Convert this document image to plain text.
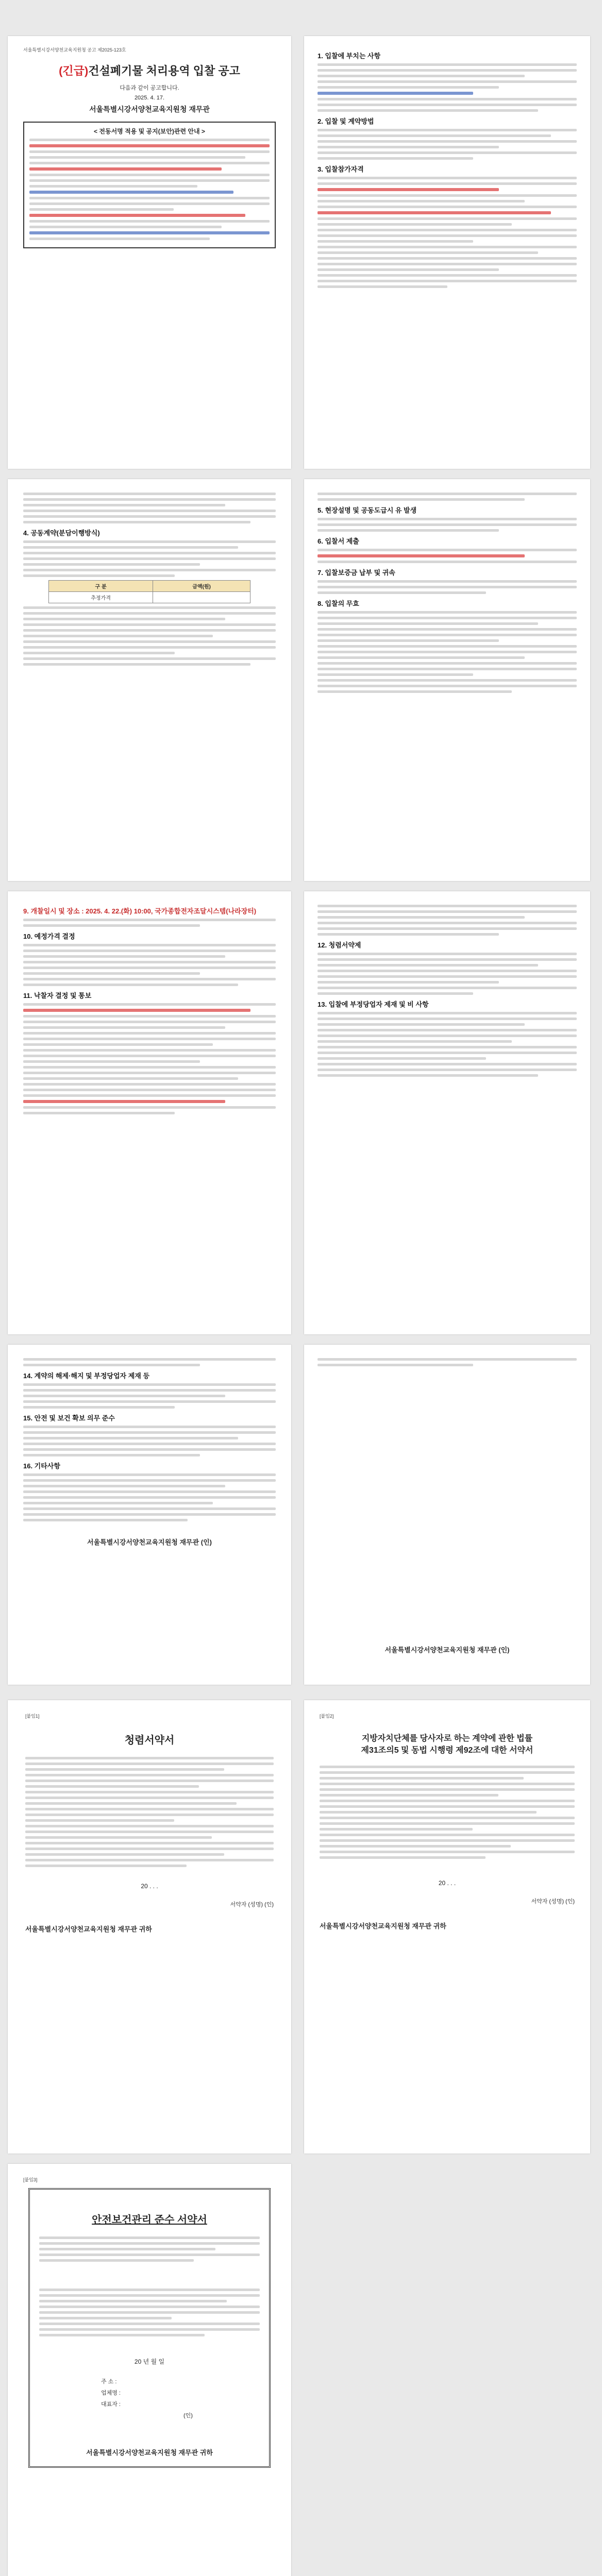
서울특별시강서양천교육지원청 공고 제2025-123호
(긴급)건설폐기물 처리용역 입찰 공고
다음과 같이 공고합니다.
2025. 4. 17.
서울특별시강서양천교육지원청 재무관
< 전동서명 적용 및 공지(보안)관련 안내 >
1. 입찰에 부치는 사항
2. 입찰 및 계약방법
3. 입찰참가자격
4. 공동계약(분담이행방식)
구 분	금액(원)
추정가격	
5. 현장설명 및 공동도급시 유 발생
6. 입찰서 제출
7. 입찰보증금 납부 및 귀속
8. 입찰의 무효
9. 개찰일시 및 장소 : 2025. 4. 22.(화) 10:00, 국가종합전자조달시스템(나라장터)
10. 예정가격 결정
11. 낙찰자 결정 및 통보
12. 청렴서약제
13. 입찰에 부정당업자 제재 및 비 사항
14. 계약의 해제·해지 및 부정당업자 제재 등
15. 안전 및 보건 확보 의무 준수
16. 기타사항
서울특별시강서양천교육지원청 재무관 (인)
서울특별시강서양천교육지원청 재무관 (인)
[붙임1]
청렴서약서
20 . . .
서약자 (성명) (인)
서울특별시강서양천교육지원청 재무관 귀하
[붙임2]
지방자치단체를 당사자로 하는 계약에 관한 법률
제31조의5 및 동법 시행령 제92조에 대한 서약서
20 . . .
서약자 (성명) (인)
서울특별시강서양천교육지원청 재무관 귀하
[붙임3]
안전보건관리 준수 서약서
20 년 월 일
주 소 :
업체명 :
대표자 :
(인)
서울특별시강서양천교육지원청 재무관 귀하
